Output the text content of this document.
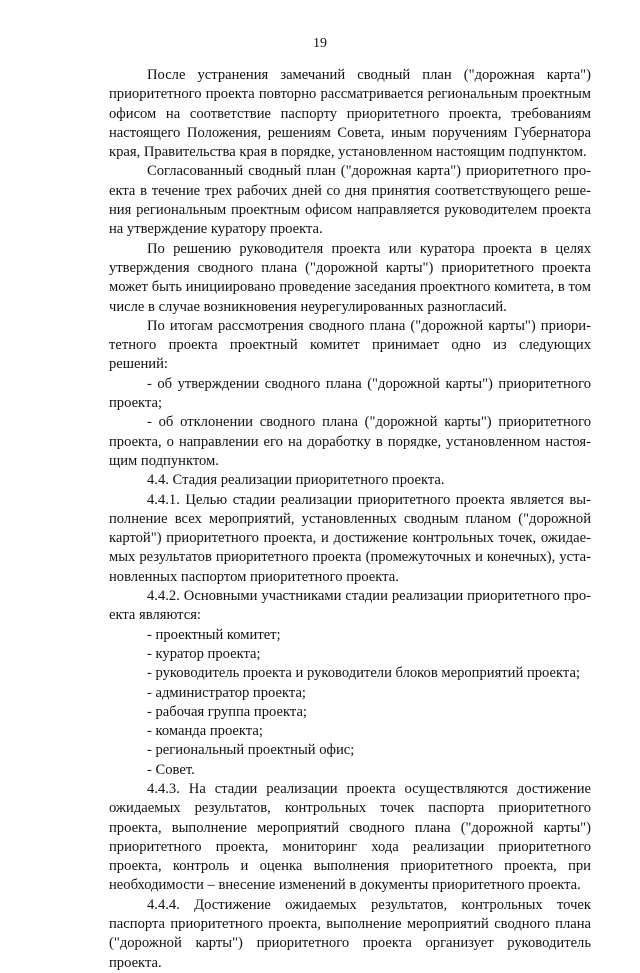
19

После устранения замечаний сводный план ("дорожная карта") приоритетного проекта повторно рассматривается региональным проектным офисом на соответствие паспорту приоритетного проекта, требованиям настоящего Положения, решениям Совета, иным поручениям Губернатора края, Правительства края в порядке, установленном настоящим подпунктом.

Согласованный сводный план ("дорожная карта") приоритетного проекта в течение трех рабочих дней со дня принятия соответствующего решения региональным проектным офисом направляется руководителем проекта на утверждение куратору проекта.

По решению руководителя проекта или куратора проекта в целях утверждения сводного плана ("дорожной карты") приоритетного проекта может быть инициировано проведение заседания проектного комитета, в том числе в случае возникновения неурегулированных разногласий.

По итогам рассмотрения сводного плана ("дорожной карты") приоритетного проекта проектный комитет принимает одно из следующих решений:

- об утверждении сводного плана ("дорожной карты") приоритетного проекта;

- об отклонении сводного плана ("дорожной карты") приоритетного проекта, о направлении его на доработку в порядке, установленном настоящим подпунктом.

4.4. Стадия реализации приоритетного проекта.

4.4.1. Целью стадии реализации приоритетного проекта является выполнение всех мероприятий, установленных сводным планом ("дорожной картой") приоритетного проекта, и достижение контрольных точек, ожидаемых результатов приоритетного проекта (промежуточных и конечных), установленных паспортом приоритетного проекта.

4.4.2. Основными участниками стадии реализации приоритетного проекта являются:

- проектный комитет;

- куратор проекта;

- руководитель проекта и руководители блоков мероприятий проекта;

- администратор проекта;

- рабочая группа проекта;

- команда проекта;

- региональный проектный офис;

- Совет.

4.4.3. На стадии реализации проекта осуществляются достижение ожидаемых результатов, контрольных точек паспорта приоритетного проекта, выполнение мероприятий сводного плана ("дорожной карты") приоритетного проекта, мониторинг хода реализации приоритетного проекта, контроль и оценка выполнения приоритетного проекта, при необходимости – внесение изменений в документы приоритетного проекта.

4.4.4. Достижение ожидаемых результатов, контрольных точек паспорта приоритетного проекта, выполнение мероприятий сводного плана ("дорожной карты") приоритетного проекта организует руководитель проекта.
